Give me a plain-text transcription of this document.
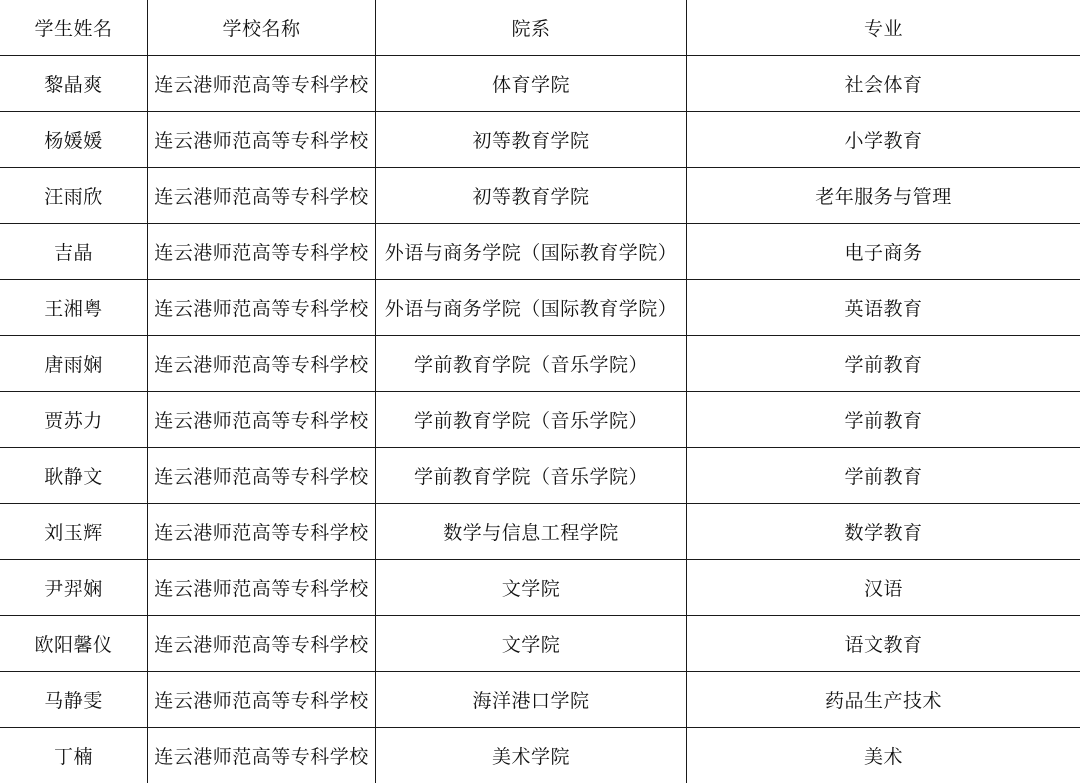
学生姓名	学校名称	院系	专业
黎晶爽	连云港师范高等专科学校	体育学院	社会体育
杨媛媛	连云港师范高等专科学校	初等教育学院	小学教育
汪雨欣	连云港师范高等专科学校	初等教育学院	老年服务与管理
吉晶	连云港师范高等专科学校	外语与商务学院（国际教育学院）	电子商务
王湘粤	连云港师范高等专科学校	外语与商务学院（国际教育学院）	英语教育
唐雨娴	连云港师范高等专科学校	学前教育学院（音乐学院）	学前教育
贾苏力	连云港师范高等专科学校	学前教育学院（音乐学院）	学前教育
耿静文	连云港师范高等专科学校	学前教育学院（音乐学院）	学前教育
刘玉辉	连云港师范高等专科学校	数学与信息工程学院	数学教育
尹羿娴	连云港师范高等专科学校	文学院	汉语
欧阳馨仪	连云港师范高等专科学校	文学院	语文教育
马静雯	连云港师范高等专科学校	海洋港口学院	药品生产技术
丁楠	连云港师范高等专科学校	美术学院	美术
